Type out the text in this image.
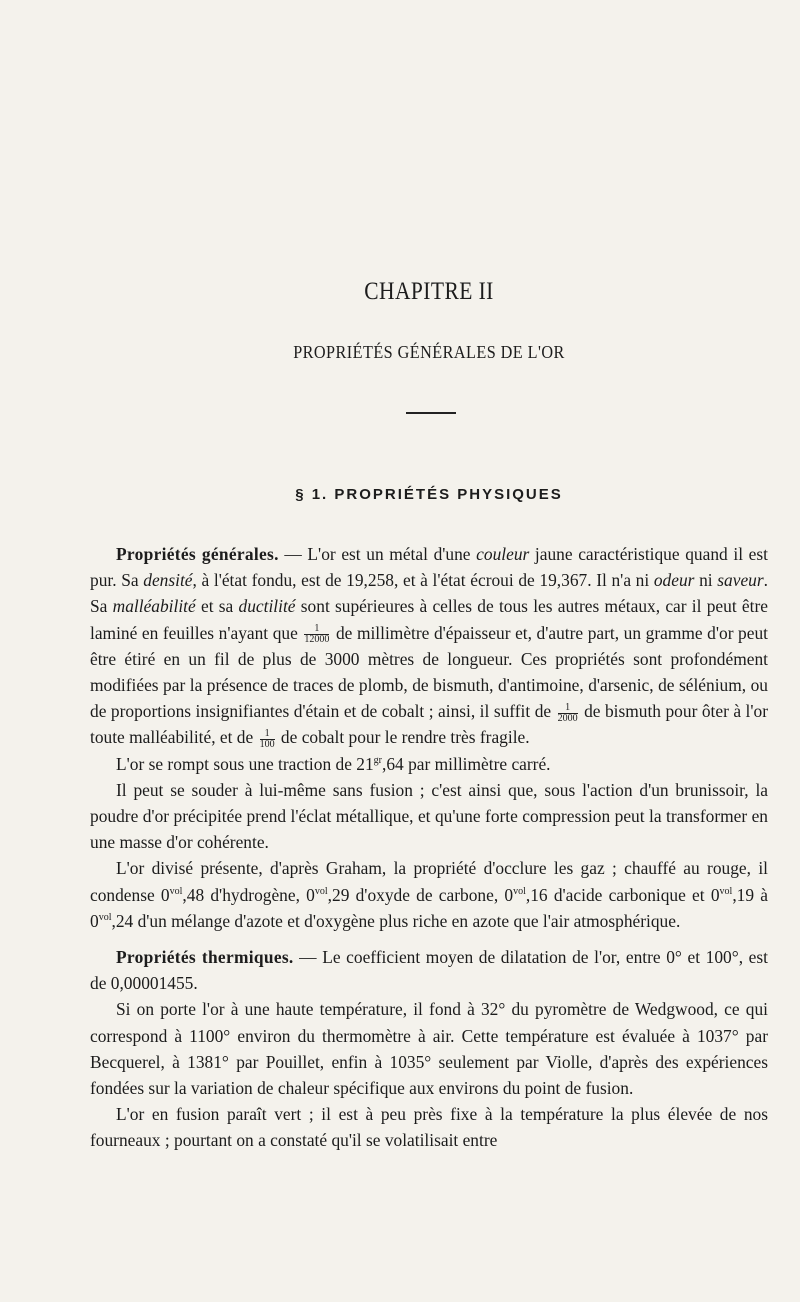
CHAPITRE II
PROPRIÉTÉS GÉNÉRALES DE L'OR
§ 1. PROPRIÉTÉS PHYSIQUES

Propriétés générales. — L'or est un métal d'une couleur jaune caractéristique quand il est pur. Sa densité, à l'état fondu, est de 19,258, et à l'état écroui de 19,367. Il n'a ni odeur ni saveur. Sa malléabilité et sa ductilité sont supérieures à celles de tous les autres métaux, car il peut être laminé en feuilles n'ayant que $\frac{1}{12000}$ de millimètre d'épaisseur et, d'autre part, un gramme d'or peut être étiré en un fil de plus de 3000 mètres de longueur. Ces propriétés sont profondément modifiées par la présence de traces de plomb, de bismuth, d'antimoine, d'arsenic, de sélénium, ou de proportions insignifiantes d'étain et de cobalt ; ainsi, il suffit de $\frac{1}{2000}$ de bismuth pour ôter à l'or toute malléabilité, et de $\frac{1}{100}$ de cobalt pour le rendre très fragile.

L'or se rompt sous une traction de $21^{gr},64$ par millimètre carré.

Il peut se souder à lui-même sans fusion ; c'est ainsi que, sous l'action d'un brunissoir, la poudre d'or précipitée prend l'éclat métallique, et qu'une forte compression peut la transformer en une masse d'or cohérente.

L'or divisé présente, d'après Graham, la propriété d'occlure les gaz ; chauffé au rouge, il condense $0^{vol},48$ d'hydrogène, $0^{vol},29$ d'oxyde de carbone, $0^{vol},16$ d'acide carbonique et $0^{vol},19$ à $0^{vol},24$ d'un mélange d'azote et d'oxygène plus riche en azote que l'air atmosphérique.

Propriétés thermiques. — Le coefficient moyen de dilatation de l'or, entre 0° et 100°, est de 0,00001455.

Si on porte l'or à une haute température, il fond à 32° du pyromètre de Wedgwood, ce qui correspond à 1100° environ du thermomètre à air. Cette température est évaluée à 1037° par Becquerel, à 1381° par Pouillet, enfin à 1035° seulement par Violle, d'après des expériences fondées sur la variation de chaleur spécifique aux environs du point de fusion.

L'or en fusion paraît vert ; il est à peu près fixe à la température la plus élevée de nos fourneaux ; pourtant on a constaté qu'il se volatilisait entre
